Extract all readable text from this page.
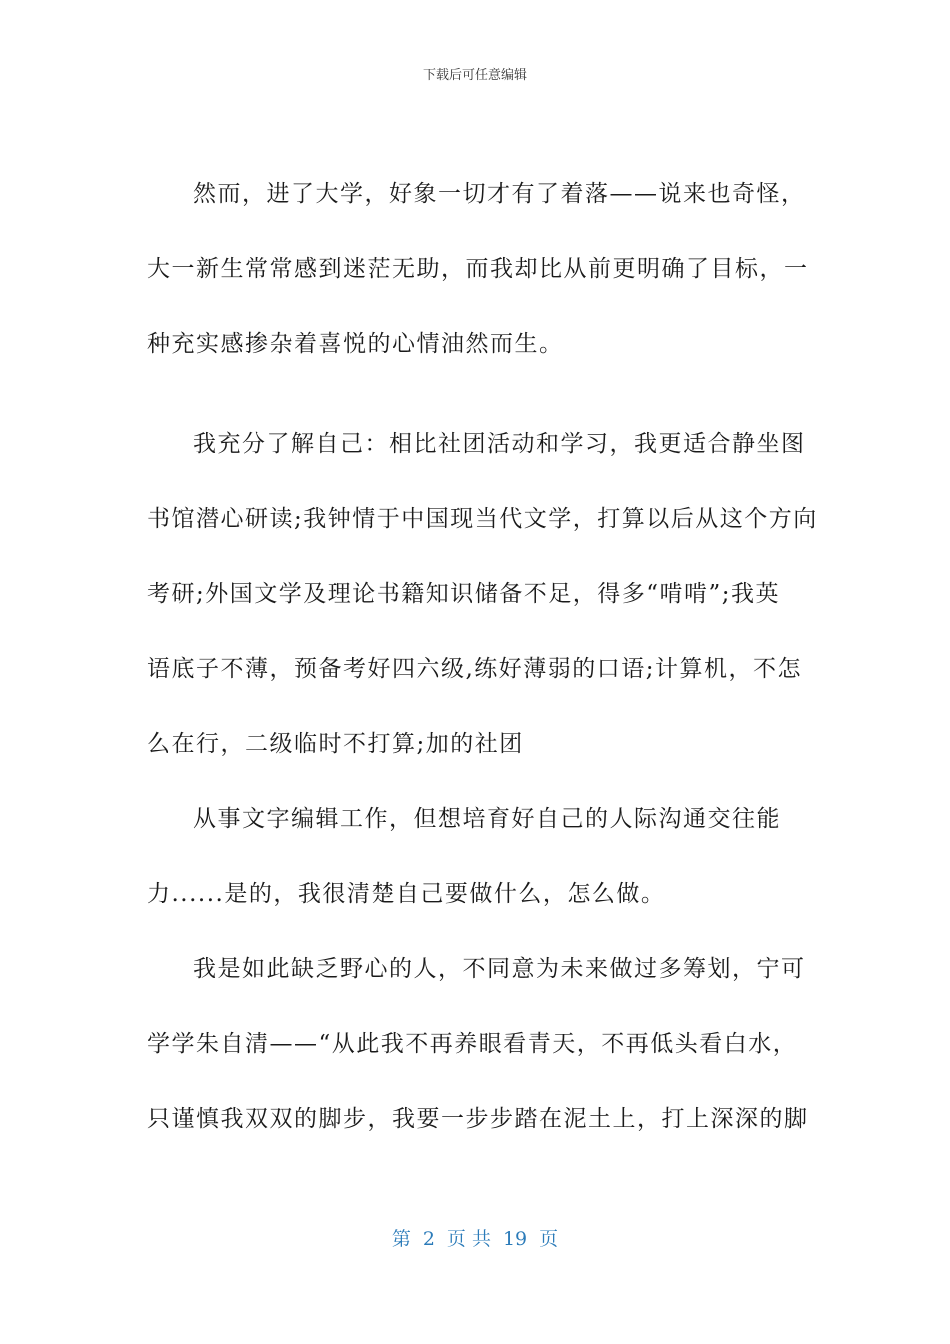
下载后可任意编辑
然而，进了大学，好象一切才有了着落——说来也奇怪，
大一新生常常感到迷茫无助，而我却比从前更明确了目标，一
种充实感掺杂着喜悦的心情油然而生。
我充分了解自己：相比社团活动和学习，我更适合静坐图
书馆潜心研读;我钟情于中国现当代文学，打算以后从这个方向
考研;外国文学及理论书籍知识储备不足，得多“啃啃”;我英
语底子不薄，预备考好四六级,练好薄弱的口语;计算机，不怎
么在行，二级临时不打算;加的社团
从事文字编辑工作，但想培育好自己的人际沟通交往能
力......是的，我很清楚自己要做什么，怎么做。
我是如此缺乏野心的人，不同意为未来做过多筹划，宁可
学学朱自清——“从此我不再养眼看青天，不再低头看白水，
只谨慎我双双的脚步，我要一步步踏在泥土上，打上深深的脚
第 2 页 共 19 页
